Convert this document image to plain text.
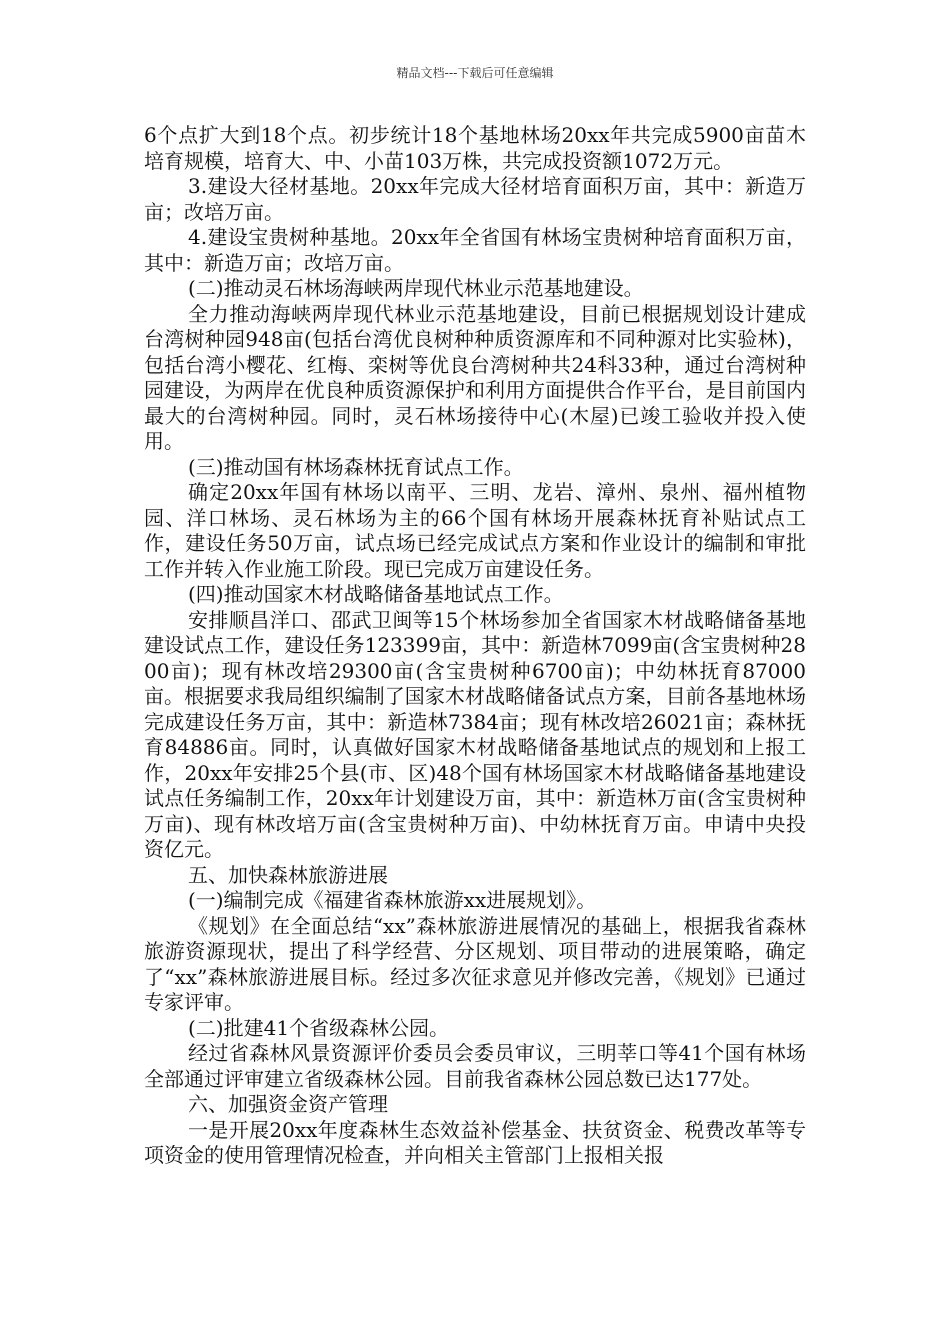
精品文档---下载后可任意编辑

6个点扩大到18个点。初步统计18个基地林场20xx年共完成5900亩苗木培育规模，培育大、中、小苗103万株，共完成投资额1072万元。

3.建设大径材基地。20xx年完成大径材培育面积万亩，其中：新造万亩；改培万亩。

4.建设宝贵树种基地。20xx年全省国有林场宝贵树种培育面积万亩，其中：新造万亩；改培万亩。

(二)推动灵石林场海峡两岸现代林业示范基地建设。

全力推动海峡两岸现代林业示范基地建设，目前已根据规划设计建成台湾树种园948亩(包括台湾优良树种种质资源库和不同种源对比实验林)，包括台湾小樱花、红梅、栾树等优良台湾树种共24科33种，通过台湾树种园建设，为两岸在优良种质资源保护和利用方面提供合作平台，是目前国内最大的台湾树种园。同时，灵石林场接待中心(木屋)已竣工验收并投入使用。

(三)推动国有林场森林抚育试点工作。

确定20xx年国有林场以南平、三明、龙岩、漳州、泉州、福州植物园、洋口林场、灵石林场为主的66个国有林场开展森林抚育补贴试点工作，建设任务50万亩，试点场已经完成试点方案和作业设计的编制和审批工作并转入作业施工阶段。现已完成万亩建设任务。

(四)推动国家木材战略储备基地试点工作。

安排顺昌洋口、邵武卫闽等15个林场参加全省国家木材战略储备基地建设试点工作，建设任务123399亩，其中：新造林7099亩(含宝贵树种2800亩)；现有林改培29300亩(含宝贵树种6700亩)；中幼林抚育87000亩。根据要求我局组织编制了国家木材战略储备试点方案，目前各基地林场完成建设任务万亩，其中：新造林7384亩；现有林改培26021亩；森林抚育84886亩。同时，认真做好国家木材战略储备基地试点的规划和上报工作，20xx年安排25个县(市、区)48个国有林场国家木材战略储备基地建设试点任务编制工作，20xx年计划建设万亩，其中：新造林万亩(含宝贵树种万亩)、现有林改培万亩(含宝贵树种万亩)、中幼林抚育万亩。申请中央投资亿元。

五、加快森林旅游进展

(一)编制完成《福建省森林旅游xx进展规划》。

《规划》在全面总结“xx”森林旅游进展情况的基础上，根据我省森林旅游资源现状，提出了科学经营、分区规划、项目带动的进展策略，确定了“xx”森林旅游进展目标。经过多次征求意见并修改完善，《规划》已通过专家评审。

(二)批建41个省级森林公园。

经过省森林风景资源评价委员会委员审议，三明莘口等41个国有林场全部通过评审建立省级森林公园。目前我省森林公园总数已达177处。

六、加强资金资产管理

一是开展20xx年度森林生态效益补偿基金、扶贫资金、税费改革等专项资金的使用管理情况检查，并向相关主管部门上报相关报
